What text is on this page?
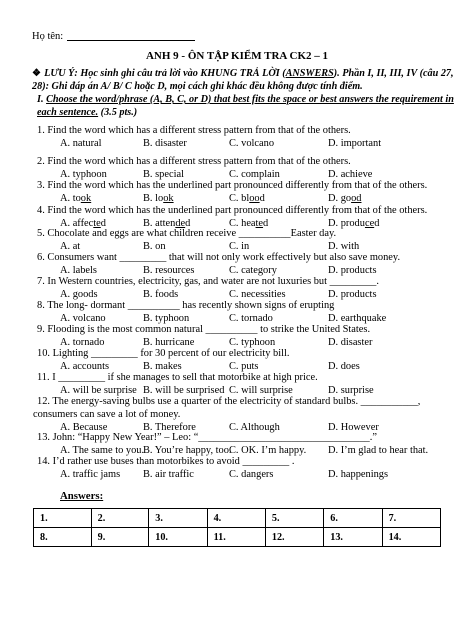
Họ tên:
ANH 9 - ÔN TẬP KIỂM TRA CK2 – 1
❖ LƯU Ý: Học sinh ghi câu trả lời vào KHUNG TRẢ LỜI (ANSWERS). Phần I, II, III, IV (câu 27, 28): Ghi đáp án A/ B/ C hoặc D, mọi cách ghi khác đều không được tính điểm.
I. Choose the word/phrase (A, B, C, or D) that best fits the space or best answers the requirement in each sentence. (3.5 pts.)
1. Find the word which has a different stress pattern from that of the others.
A. natural	B. disaster	C. volcano	D. important
2. Find the word which has a different stress pattern from that of the others.
A. typhoon	B. special	C. complain	D. achieve
3. Find the word which has the underlined part pronounced differently from that of the others.
A. took	B. look	C. blood	D. good
4. Find the word which has the underlined part pronounced differently from that of the others.
A. affected	B. attended	C. heated	D. produced
5. Chocolate and eggs are what children receive __________Easter day.
A. at	B. on	C. in	D. with
6. Consumers want _________ that will not only work effectively but also save money.
A. labels	B. resources	C. category	D. products
7. In Western countries, electricity, gas, and water are not luxuries but _________.
A. goods	B. foods	C. necessities	D. products
8. The long- dormant __________ has recently shown signs of erupting
A. volcano	B. typhoon	C. tornado	D. earthquake
9. Flooding is the most common natural __________ to strike the United States.
A. tornado	B. hurricane	C. typhoon	D. disaster
10. Lighting _________ for 30 percent of our electricity bill.
A. accounts	B. makes	C. puts	D. does
11. I _________ if she manages to sell that motorbike at high price.
A. will be surprise B. will be surprised C. will surprise	D. surprise
12. The energy-saving bulbs use a quarter of the electricity of standard bulbs. ___________,
consumers can save a lot of money.
A. Because	B. Therefore	C. Although	D. However
13. John: “Happy New Year!” – Leo: “_________________________________.”
A. The same to you.
B. You’re happy, too.
C. OK. I’m happy. D. I’m glad to hear that.
14. I’d rather use buses than motorbikes to avoid _________ .
A. traffic jams B. air traffic	C. dangers	D. happenings
Answers:
1.	2.	3.	4.	5.	6.	7.
8.	9.	10.	11.	12.	13.	14.
